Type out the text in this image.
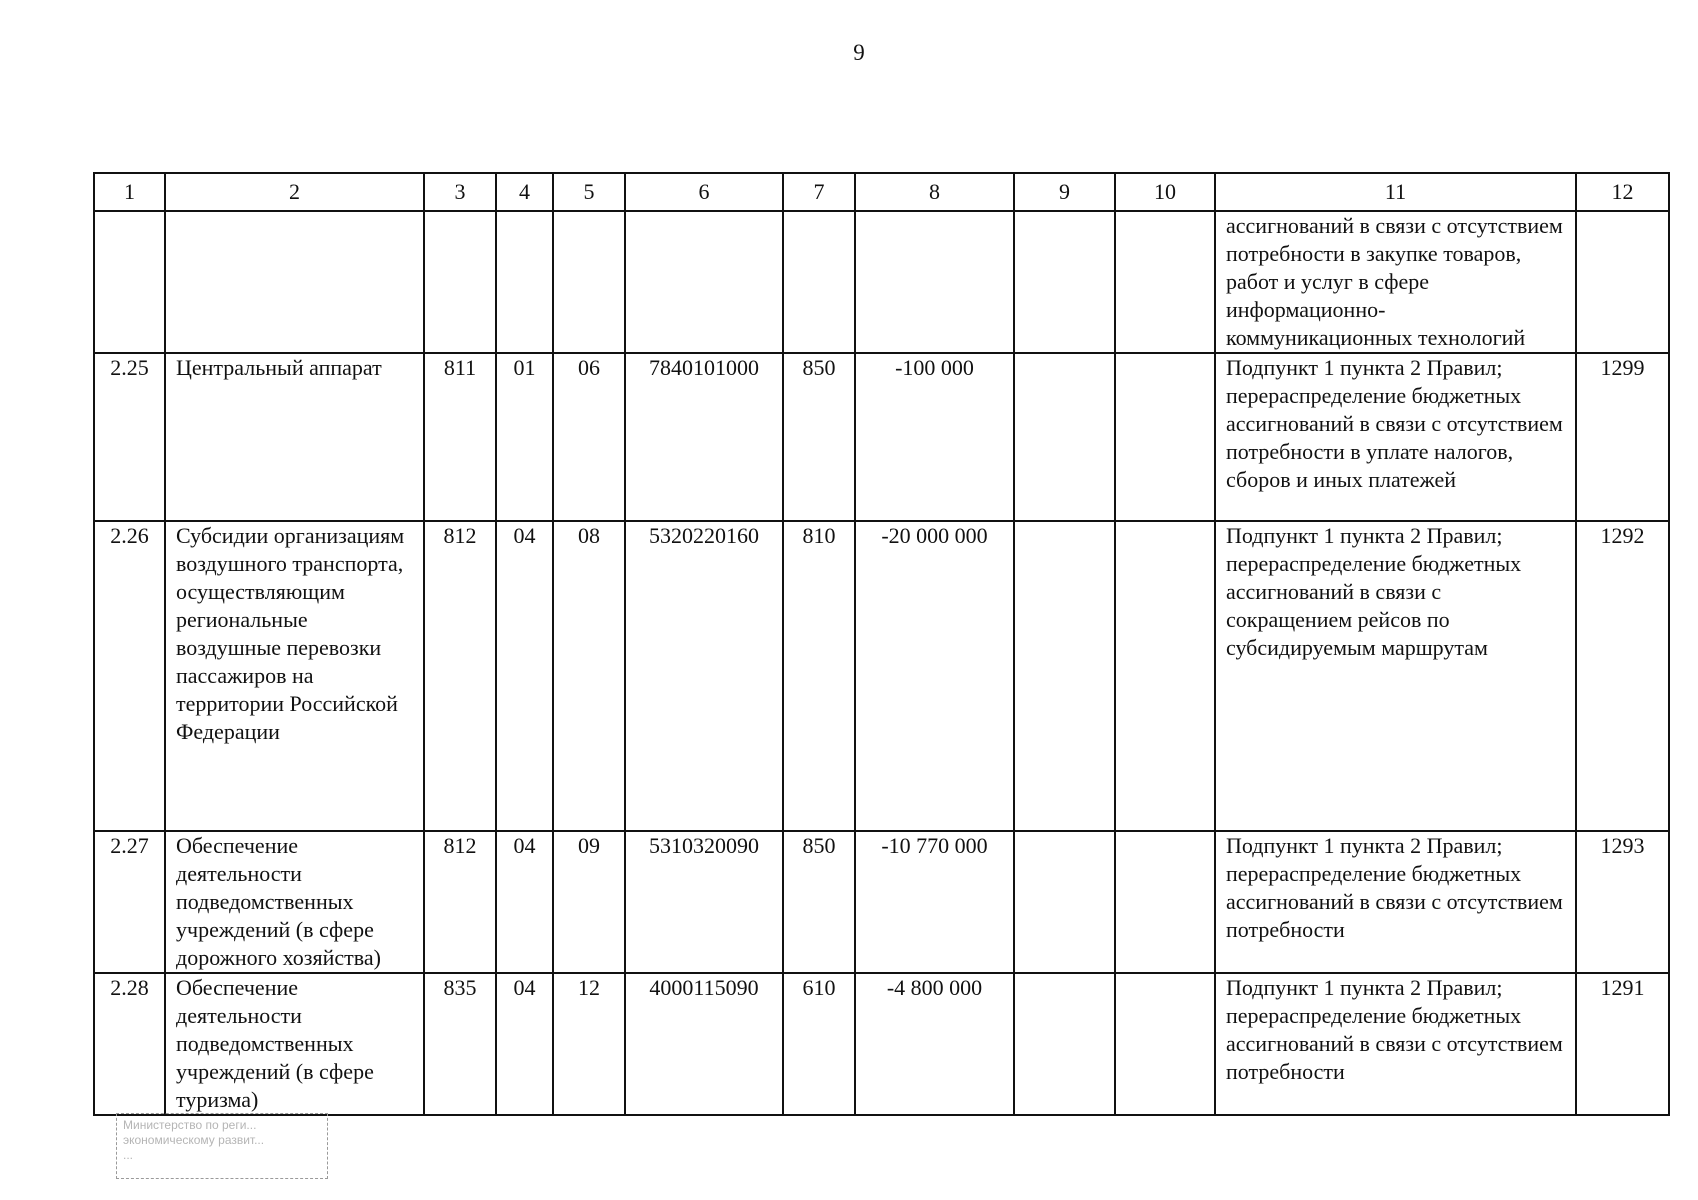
9
1	2	3	4	5	6	7	8	9	10	11	12
										ассигнований в связи с отсутствием потребности в закупке товаров, работ и услуг в сфере информационно-коммуникационных технологий	
2.25	Центральный аппарат	811	01	06	7840101000	850	-100 000			Подпункт 1 пункта 2 Правил; перераспределение бюджетных ассигнований в связи с отсутствием потребности в уплате налогов, сборов и иных платежей	1299
2.26	Субсидии организациям воздушного транспорта, осуществляющим региональные воздушные перевозки пассажиров на территории Российской Федерации	812	04	08	5320220160	810	-20 000 000			Подпункт 1 пункта 2 Правил; перераспределение бюджетных ассигнований в связи с сокращением рейсов по субсидируемым маршрутам	1292
2.27	Обеспечение деятельности подведомственных учреждений (в сфере дорожного хозяйства)	812	04	09	5310320090	850	-10 770 000			Подпункт 1 пункта 2 Правил; перераспределение бюджетных ассигнований в связи с отсутствием потребности	1293
2.28	Обеспечение деятельности подведомственных учреждений (в сфере туризма)	835	04	12	4000115090	610	-4 800 000			Подпункт 1 пункта 2 Правил; перераспределение бюджетных ассигнований в связи с отсутствием потребности	1291
Министерство по реги...
экономическому развит...
...
